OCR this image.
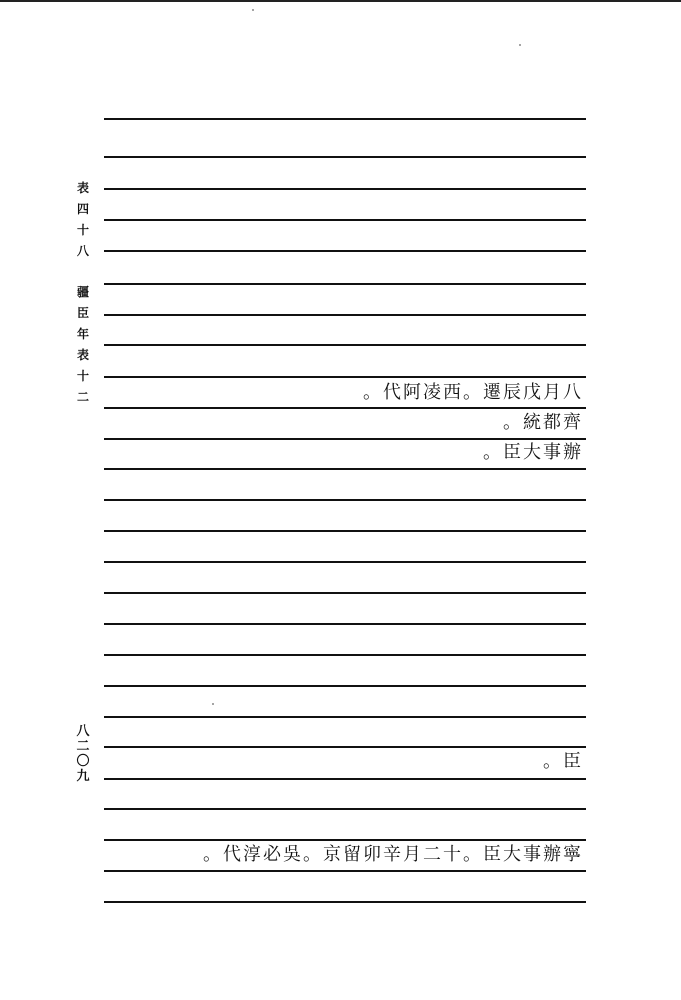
表
四
十
八
疆
臣
年
表
十
二
八
二
〇
九
八月戊辰遷。西凌阿代。
齊都統。
辦事大臣。
臣。
寧辦事大臣。十二月辛卯留京。吳必淳代。
